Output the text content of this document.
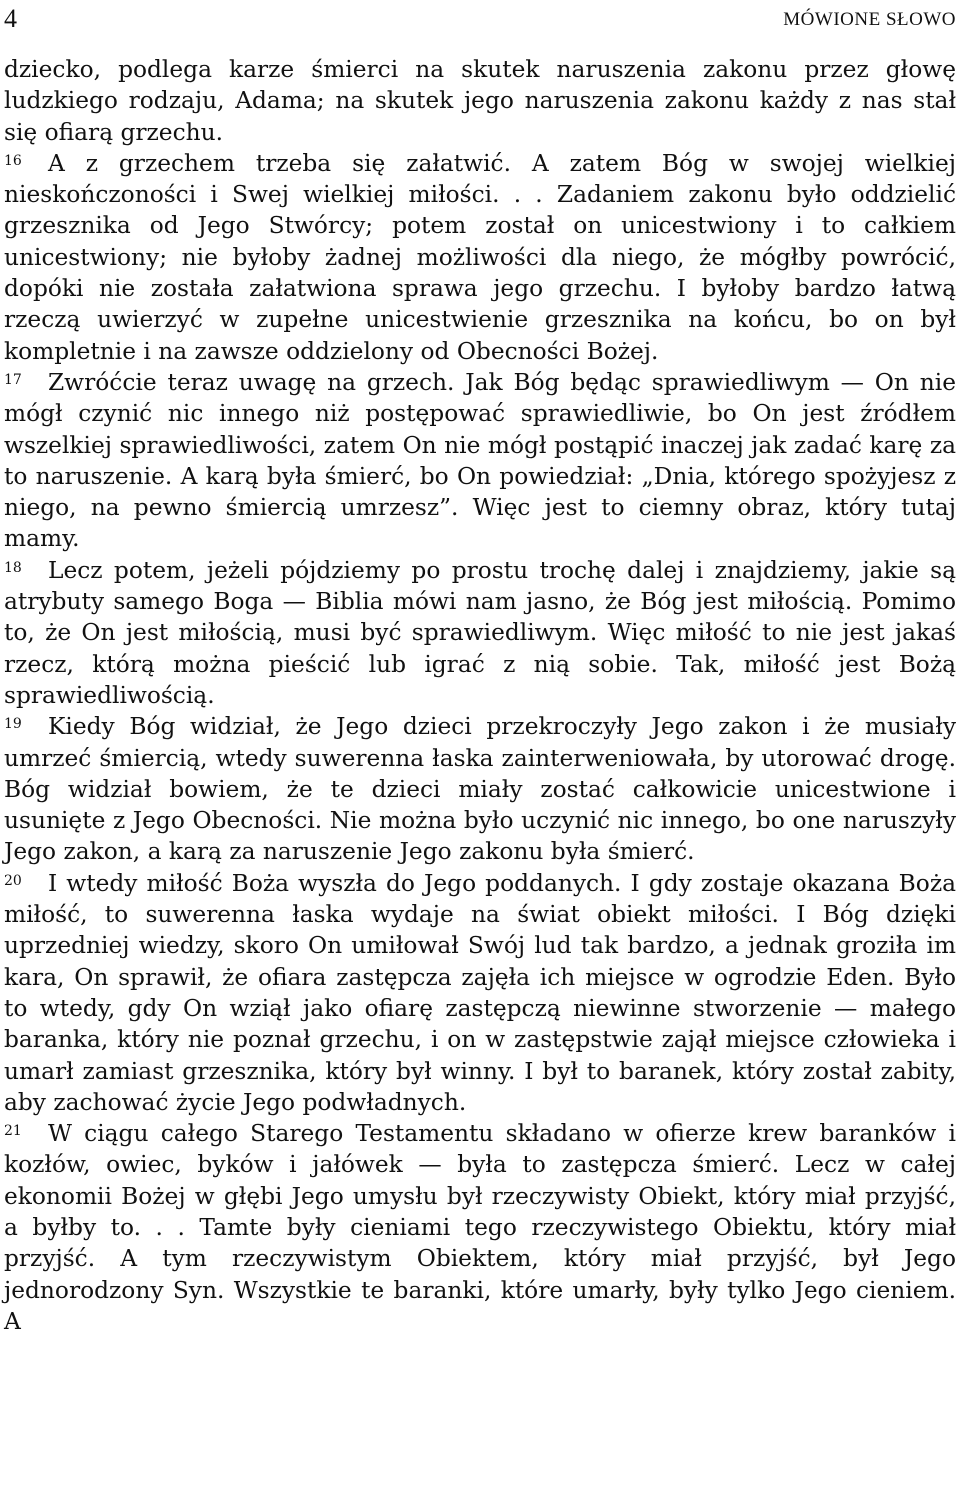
4	MÓWIONE SŁOWO

dziecko, podlega karze śmierci na skutek naruszenia zakonu przez głowę ludzkiego rodzaju, Adama; na skutek jego naruszenia zakonu każdy z nas stał się ofiarą grzechu.

16 A z grzechem trzeba się załatwić. A zatem Bóg w swojej wielkiej nieskończoności i Swej wielkiej miłości. . . Zadaniem zakonu było oddzielić grzesznika od Jego Stwórcy; potem został on unicestwiony i to całkiem unicestwiony; nie byłoby żadnej możliwości dla niego, że mógłby powrócić, dopóki nie została załatwiona sprawa jego grzechu. I byłoby bardzo łatwą rzeczą uwierzyć w zupełne unicestwienie grzesznika na końcu, bo on był kompletnie i na zawsze oddzielony od Obecności Bożej.

17 Zwróćcie teraz uwagę na grzech. Jak Bóg będąc sprawiedliwym — On nie mógł czynić nic innego niż postępować sprawiedliwie, bo On jest źródłem wszelkiej sprawiedliwości, zatem On nie mógł postąpić inaczej jak zadać karę za to naruszenie. A karą była śmierć, bo On powiedział: „Dnia, którego spożyjesz z niego, na pewno śmiercią umrzesz”. Więc jest to ciemny obraz, który tutaj mamy.

18 Lecz potem, jeżeli pójdziemy po prostu trochę dalej i znajdziemy, jakie są atrybuty samego Boga — Biblia mówi nam jasno, że Bóg jest miłością. Pomimo to, że On jest miłością, musi być sprawiedliwym. Więc miłość to nie jest jakaś rzecz, którą można pieścić lub igrać z nią sobie. Tak, miłość jest Bożą sprawiedliwością.

19 Kiedy Bóg widział, że Jego dzieci przekroczyły Jego zakon i że musiały umrzeć śmiercią, wtedy suwerenna łaska zainterweniowała, by utorować drogę. Bóg widział bowiem, że te dzieci miały zostać całkowicie unicestwione i usunięte z Jego Obecności. Nie można było uczynić nic innego, bo one naruszyły Jego zakon, a karą za naruszenie Jego zakonu była śmierć.

20 I wtedy miłość Boża wyszła do Jego poddanych. I gdy zostaje okazana Boża miłość, to suwerenna łaska wydaje na świat obiekt miłości. I Bóg dzięki uprzedniej wiedzy, skoro On umiłował Swój lud tak bardzo, a jednak groziła im kara, On sprawił, że ofiara zastępcza zajęła ich miejsce w ogrodzie Eden. Było to wtedy, gdy On wziął jako ofiarę zastępczą niewinne stworzenie — małego baranka, który nie poznał grzechu, i on w zastępstwie zajął miejsce człowieka i umarł zamiast grzesznika, który był winny. I był to baranek, który został zabity, aby zachować życie Jego podwładnych.

21 W ciągu całego Starego Testamentu składano w ofierze krew baranków i kozłów, owiec, byków i jałówek — była to zastępcza śmierć. Lecz w całej ekonomii Bożej w głębi Jego umysłu był rzeczywisty Obiekt, który miał przyjść, a byłby to. . . Tamte były cieniami tego rzeczywistego Obiektu, który miał przyjść. A tym rzeczywistym Obiektem, który miał przyjść, był Jego jednorodzony Syn. Wszystkie te baranki, które umarły, były tylko Jego cieniem. A
